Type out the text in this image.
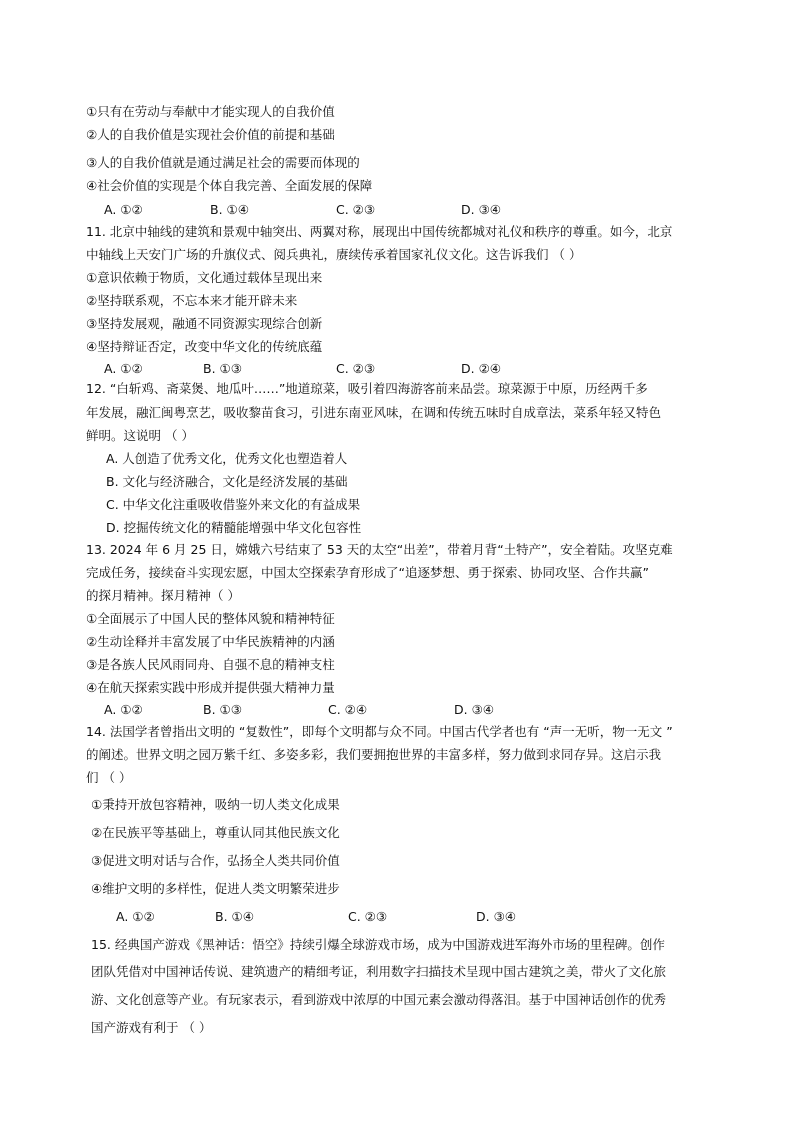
①只有在劳动与奉献中才能实现人的自我价值
②人的自我价值是实现社会价值的前提和基础
③人的自我价值就是通过满足社会的需要而体现的
④社会价值的实现是个体自我完善、全面发展的保障
A. ①②	B. ①④	C. ②③	D. ③④
11. 北京中轴线的建筑和景观中轴突出、两翼对称，展现出中国传统都城对礼仪和秩序的尊重。如今，北京
中轴线上天安门广场的升旗仪式、阅兵典礼，赓续传承着国家礼仪文化。这告诉我们 （ ）
①意识依赖于物质，文化通过载体呈现出来
②坚持联系观，不忘本来才能开辟未来
③坚持发展观，融通不同资源实现综合创新
④坚持辩证否定，改变中华文化的传统底蕴
A. ①②	B. ①③	C. ②③	D. ②④
12. “白斩鸡、斋菜煲、地瓜叶……”地道琼菜，吸引着四海游客前来品尝。琼菜源于中原，历经两千多
年发展，融汇闽粤烹艺，吸收黎苗食习，引进东南亚风味，在调和传统五味时自成章法，菜系年轻又特色
鲜明。这说明 （ ）
A. 人创造了优秀文化，优秀文化也塑造着人
B. 文化与经济融合，文化是经济发展的基础
C. 中华文化注重吸收借鉴外来文化的有益成果
D. 挖掘传统文化的精髓能增强中华文化包容性
13. 2024 年 6 月 25 日，嫦娥六号结束了 53 天的太空“出差”，带着月背“土特产”，安全着陆。攻坚克难
完成任务，接续奋斗实现宏愿，中国太空探索孕育形成了“追逐梦想、勇于探索、协同攻坚、合作共赢”
的探月精神。探月精神（ ）
①全面展示了中国人民的整体风貌和精神特征
②生动诠释并丰富发展了中华民族精神的内涵
③是各族人民风雨同舟、自强不息的精神支柱
④在航天探索实践中形成并提供强大精神力量
A. ①②	B. ①③	C. ②④	D. ③④
14. 法国学者曾指出文明的 “复数性”，即每个文明都与众不同。中国古代学者也有 “声一无听，物一无文 ”
的阐述。世界文明之园万紫千红、多姿多彩，我们要拥抱世界的丰富多样，努力做到求同存异。这启示我
们 （ ）
①秉持开放包容精神，吸纳一切人类文化成果
②在民族平等基础上，尊重认同其他民族文化
③促进文明对话与合作，弘扬全人类共同价值
④维护文明的多样性，促进人类文明繁荣进步
A. ①②	B. ①④	C. ②③	D. ③④
15. 经典国产游戏《黑神话：悟空》持续引爆全球游戏市场，成为中国游戏进军海外市场的里程碑。创作
团队凭借对中国神话传说、建筑遗产的精细考证，利用数字扫描技术呈现中国古建筑之美，带火了文化旅
游、文化创意等产业。有玩家表示，看到游戏中浓厚的中国元素会激动得落泪。基于中国神话创作的优秀
国产游戏有利于 （ ）
